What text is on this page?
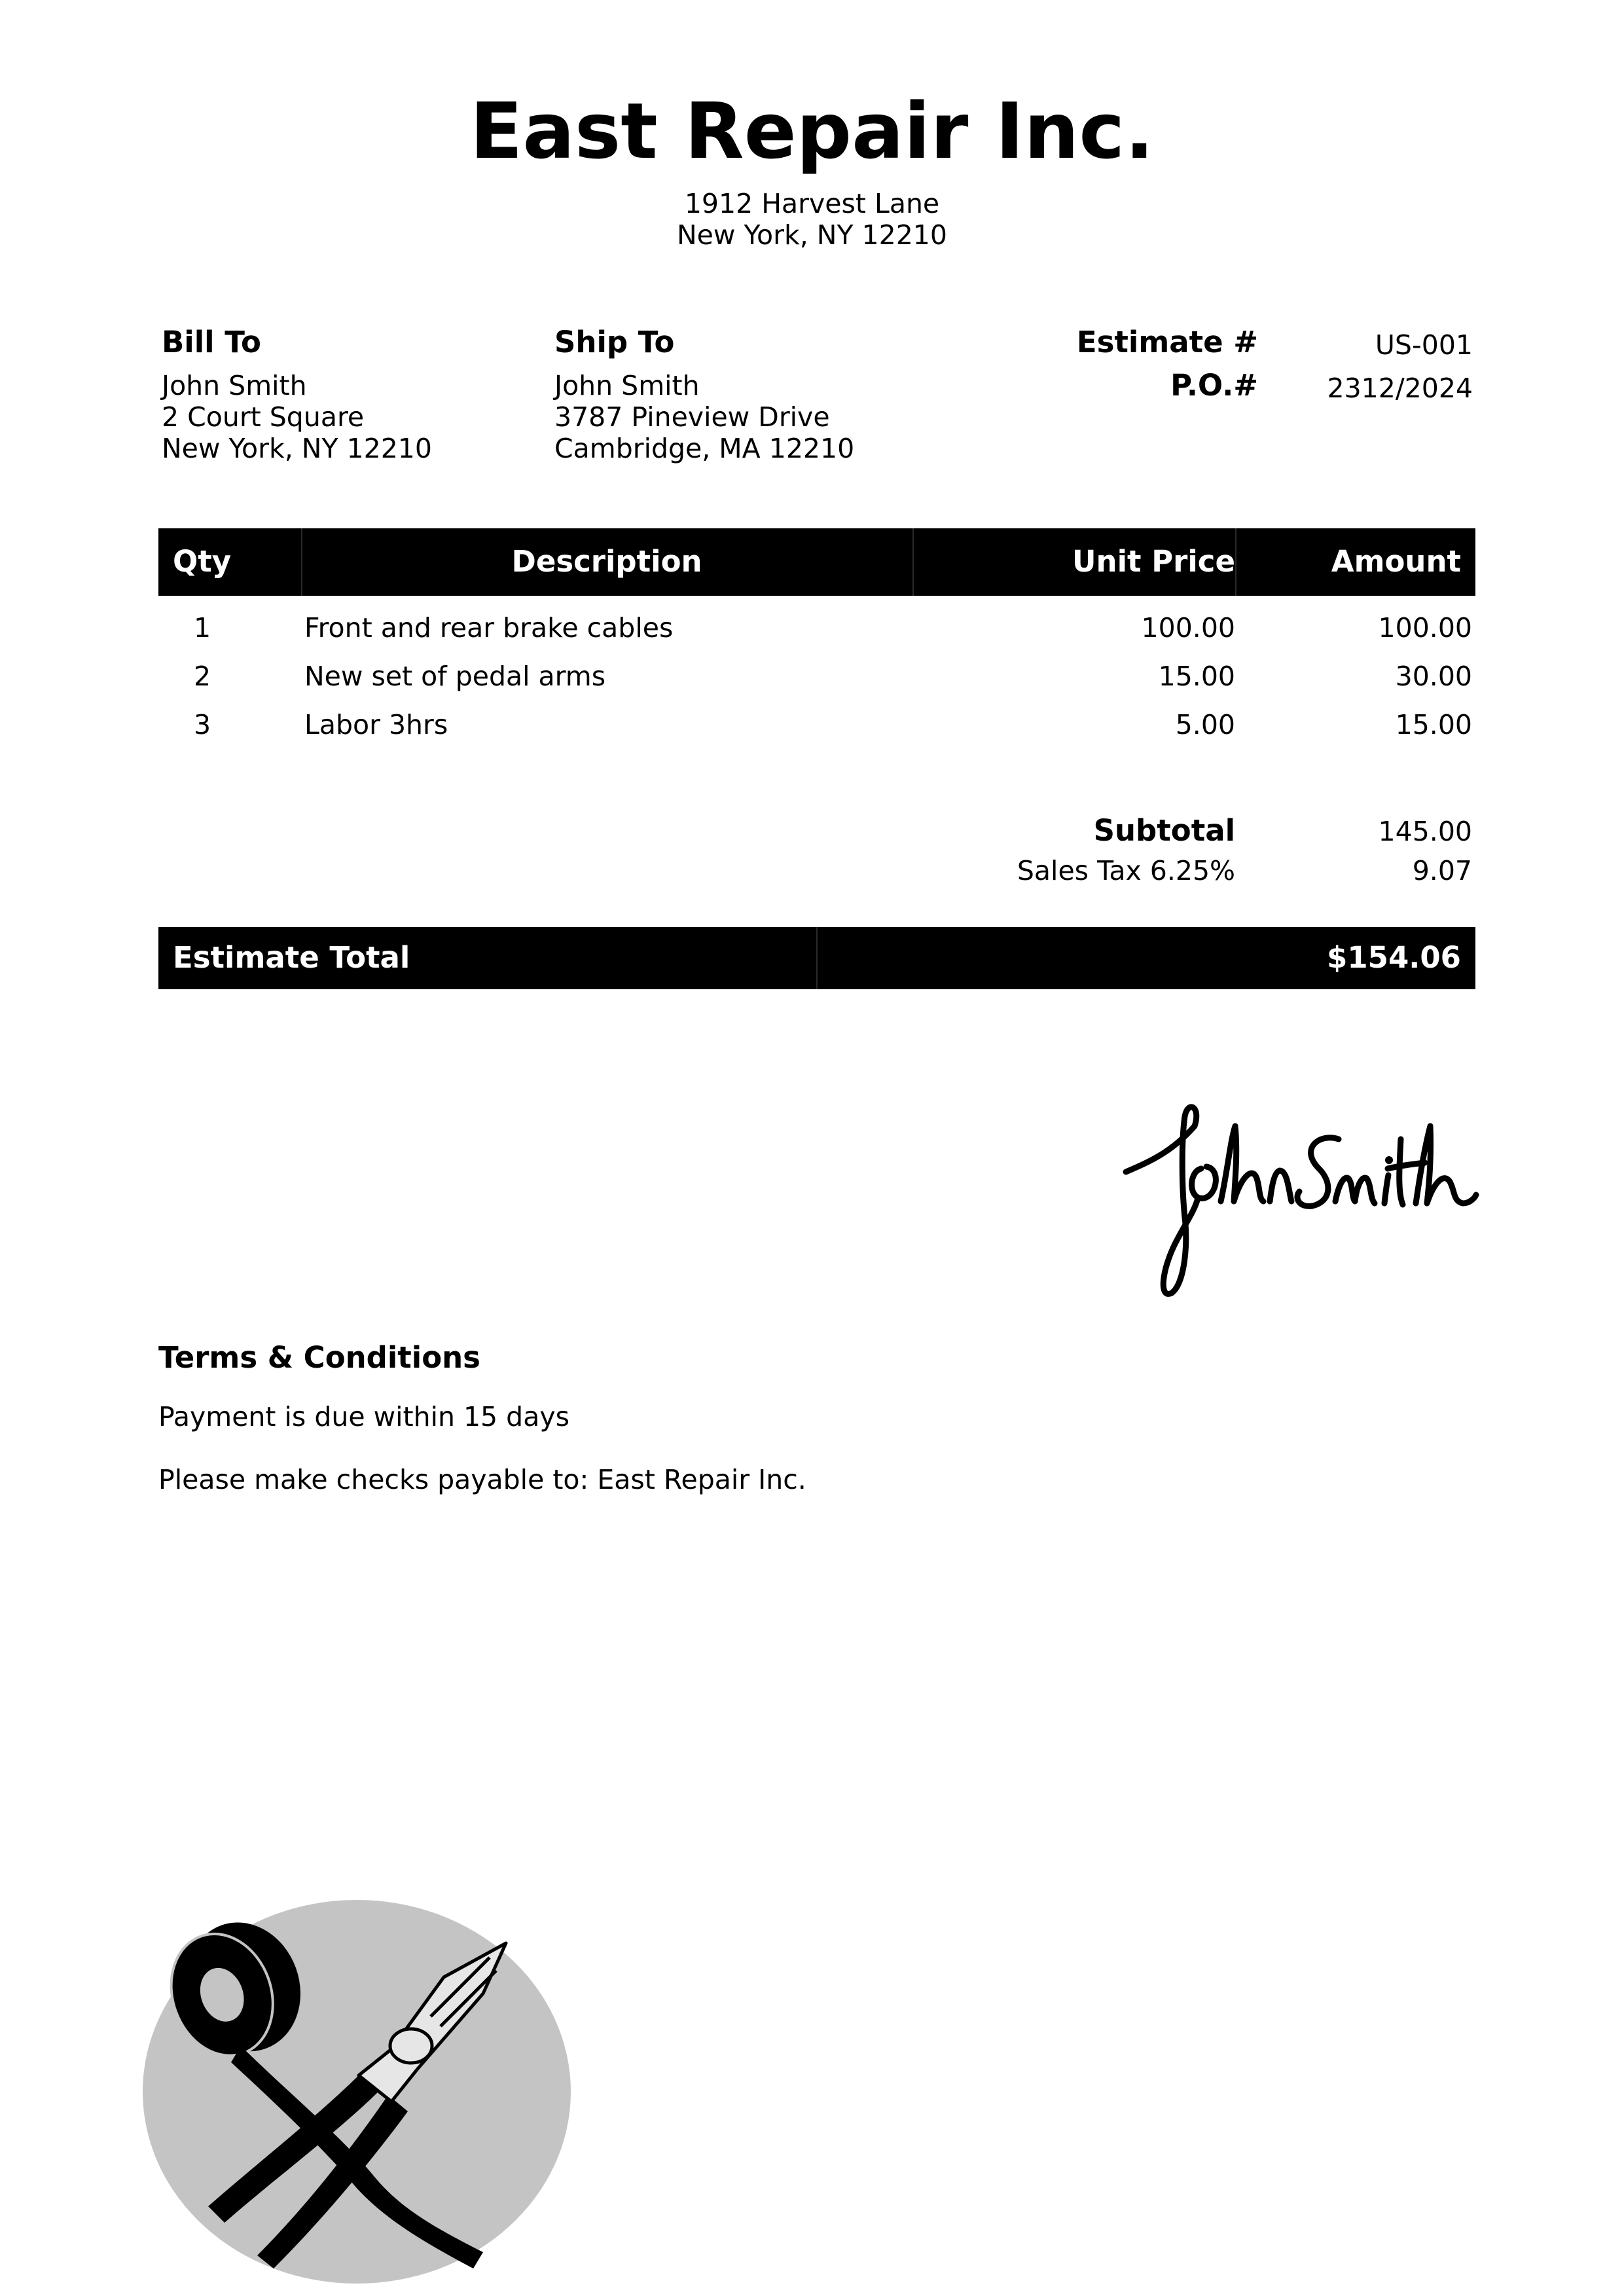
East Repair Inc.
1912 Harvest Lane
New York, NY 12210
Bill To
John Smith
2 Court Square
New York, NY 12210
Ship To
John Smith
3787 Pineview Drive
Cambridge, MA 12210
Estimate #	US-001
P.O.#	2312/2024
Qty	Description	Unit Price	Amount
1	Front and rear brake cables	100.00	100.00
2	New set of pedal arms	15.00	30.00
3	Labor 3hrs	5.00	15.00
Subtotal	145.00
Sales Tax 6.25%	9.07
Estimate Total	$154.06
Terms & Conditions
Payment is due within 15 days
Please make checks payable to: East Repair Inc.
